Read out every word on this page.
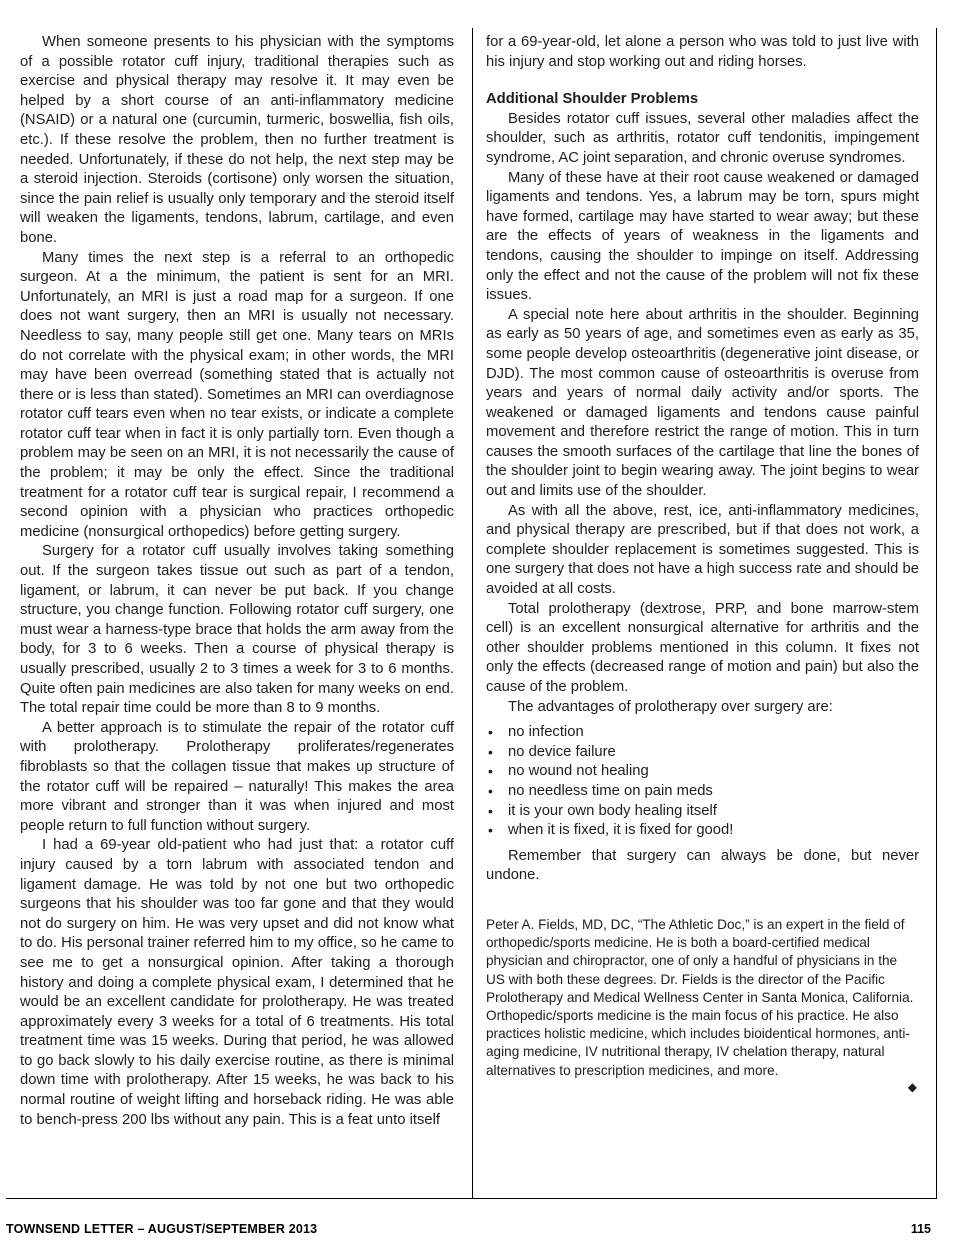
When someone presents to his physician with the symptoms of a possible rotator cuff injury, traditional therapies such as exercise and physical therapy may resolve it. It may even be helped by a short course of an anti-inflammatory medicine (NSAID) or a natural one (curcumin, turmeric, boswellia, fish oils, etc.). If these resolve the problem, then no further treatment is needed. Unfortunately, if these do not help, the next step may be a steroid injection. Steroids (cortisone) only worsen the situation, since the pain relief is usually only temporary and the steroid itself will weaken the ligaments, tendons, labrum, cartilage, and even bone.

Many times the next step is a referral to an orthopedic surgeon. At a the minimum, the patient is sent for an MRI. Unfortunately, an MRI is just a road map for a surgeon. If one does not want surgery, then an MRI is usually not necessary. Needless to say, many people still get one. Many tears on MRIs do not correlate with the physical exam; in other words, the MRI may have been overread (something stated that is actually not there or is less than stated). Sometimes an MRI can overdiagnose rotator cuff tears even when no tear exists, or indicate a complete rotator cuff tear when in fact it is only partially torn. Even though a problem may be seen on an MRI, it is not necessarily the cause of the problem; it may be only the effect. Since the traditional treatment for a rotator cuff tear is surgical repair, I recommend a second opinion with a physician who practices orthopedic medicine (nonsurgical orthopedics) before getting surgery.

Surgery for a rotator cuff usually involves taking something out. If the surgeon takes tissue out such as part of a tendon, ligament, or labrum, it can never be put back. If you change structure, you change function. Following rotator cuff surgery, one must wear a harness-type brace that holds the arm away from the body, for 3 to 6 weeks. Then a course of physical therapy is usually prescribed, usually 2 to 3 times a week for 3 to 6 months. Quite often pain medicines are also taken for many weeks on end. The total repair time could be more than 8 to 9 months.

A better approach is to stimulate the repair of the rotator cuff with prolotherapy. Prolotherapy proliferates/regenerates fibroblasts so that the collagen tissue that makes up structure of the rotator cuff will be repaired – naturally! This makes the area more vibrant and stronger than it was when injured and most people return to full function without surgery.

I had a 69-year old-patient who had just that: a rotator cuff injury caused by a torn labrum with associated tendon and ligament damage. He was told by not one but two orthopedic surgeons that his shoulder was too far gone and that they would not do surgery on him. He was very upset and did not know what to do. His personal trainer referred him to my office, so he came to see me to get a nonsurgical opinion. After taking a thorough history and doing a complete physical exam, I determined that he would be an excellent candidate for prolotherapy. He was treated approximately every 3 weeks for a total of 6 treatments. His total treatment time was 15 weeks. During that period, he was allowed to go back slowly to his daily exercise routine, as there is minimal down time with prolotherapy. After 15 weeks, he was back to his normal routine of weight lifting and horseback riding. He was able to bench-press 200 lbs without any pain. This is a feat unto itself

for a 69-year-old, let alone a person who was told to just live with his injury and stop working out and riding horses.

Additional Shoulder Problems

Besides rotator cuff issues, several other maladies affect the shoulder, such as arthritis, rotator cuff tendonitis, impingement syndrome, AC joint separation, and chronic overuse syndromes.

Many of these have at their root cause weakened or damaged ligaments and tendons. Yes, a labrum may be torn, spurs might have formed, cartilage may have started to wear away; but these are the effects of years of weakness in the ligaments and tendons, causing the shoulder to impinge on itself. Addressing only the effect and not the cause of the problem will not fix these issues.

A special note here about arthritis in the shoulder. Beginning as early as 50 years of age, and sometimes even as early as 35, some people develop osteoarthritis (degenerative joint disease, or DJD). The most common cause of osteoarthritis is overuse from years and years of normal daily activity and/or sports. The weakened or damaged ligaments and tendons cause painful movement and therefore restrict the range of motion. This in turn causes the smooth surfaces of the cartilage that line the bones of the shoulder joint to begin wearing away. The joint begins to wear out and limits use of the shoulder.

As with all the above, rest, ice, anti-inflammatory medicines, and physical therapy are prescribed, but if that does not work, a complete shoulder replacement is sometimes suggested. This is one surgery that does not have a high success rate and should be avoided at all costs.

Total prolotherapy (dextrose, PRP, and bone marrow-stem cell) is an excellent nonsurgical alternative for arthritis and the other shoulder problems mentioned in this column. It fixes not only the effects (decreased range of motion and pain) but also the cause of the problem.

The advantages of prolotherapy over surgery are:

• no infection
• no device failure
• no wound not healing
• no needless time on pain meds
• it is your own body healing itself
• when it is fixed, it is fixed for good!

Remember that surgery can always be done, but never undone.

Peter A. Fields, MD, DC, “The Athletic Doc,” is an expert in the field of orthopedic/sports medicine. He is both a board-certified medical physician and chiropractor, one of only a handful of physicians in the US with both these degrees. Dr. Fields is the director of the Pacific Prolotherapy and Medical Wellness Center in Santa Monica, California. Orthopedic/sports medicine is the main focus of his practice. He also practices holistic medicine, which includes bioidentical hormones, anti-aging medicine, IV nutritional therapy, IV chelation therapy, natural alternatives to prescription medicines, and more.
◆
TOWNSEND LETTER – AUGUST/SEPTEMBER 2013	115
